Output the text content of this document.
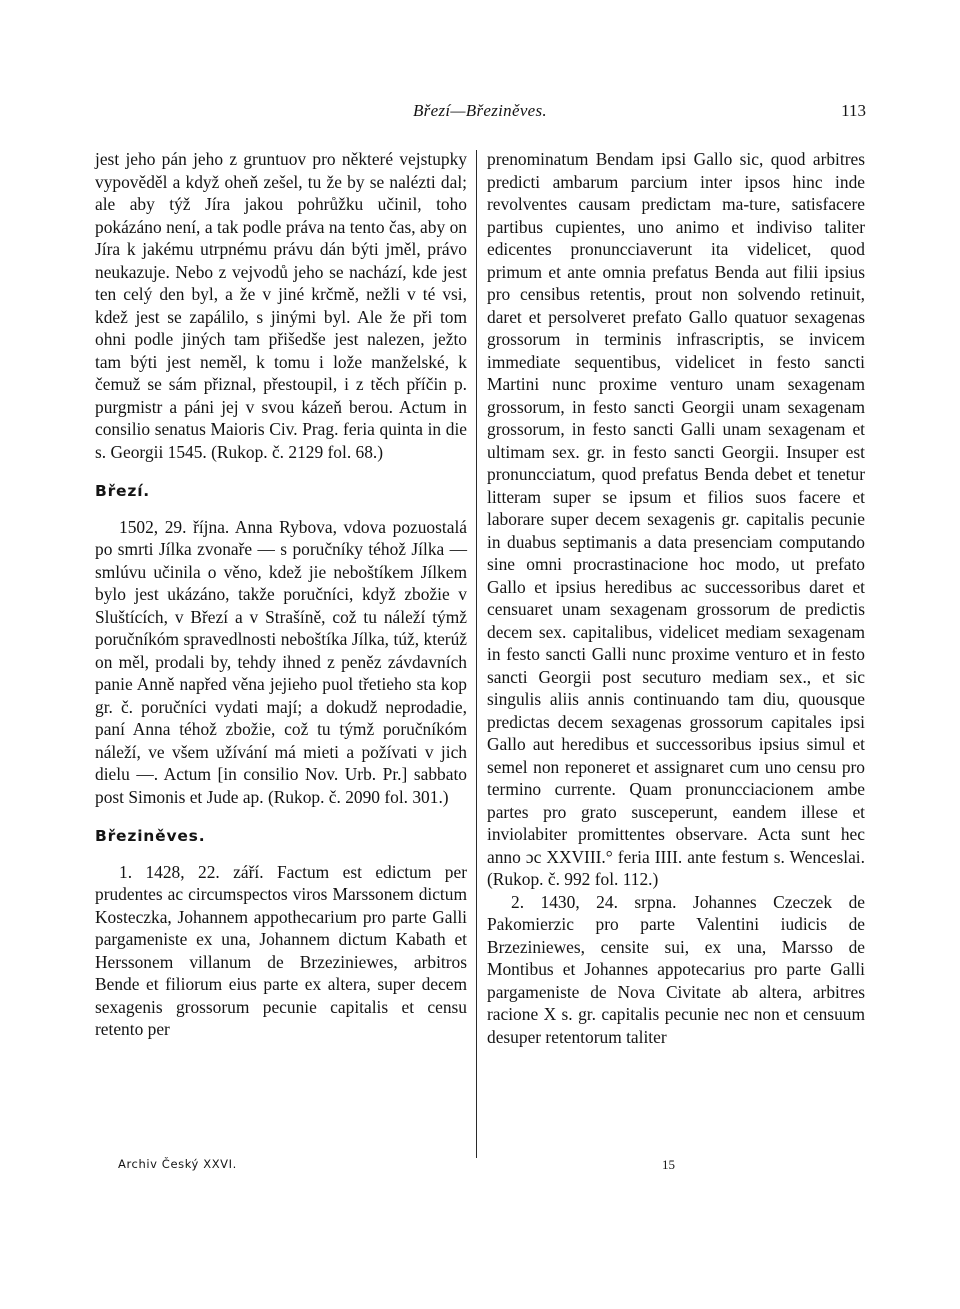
Březí—Březiněves.	113

jest jeho pán jeho z gruntuov pro některé vejstupky vypověděl a když oheň zešel, tu že by se nalézti dal; ale aby týž Jíra jakou pohrůžku učinil, toho pokázáno není, a tak podle práva na tento čas, aby on Jíra k jakému utrpnému právu dán býti jměl, právo neukazuje. Nebo z vejvodů jeho se nachází, kde jest ten celý den byl, a že v jiné krčmě, nežli v té vsi, kdež jest se zapálilo, s jinými byl. Ale že při tom ohni podle jiných tam přišedše jest nalezen, ježto tam býti jest neměl, k tomu i lože manželské, k čemuž se sám přiznal, přestoupil, i z těch příčin p. purgmistr a páni jej v svou kázeň berou. Actum in consilio senatus Maioris Civ. Prag. feria quinta in die s. Georgii 1545. (Rukop. č. 2129 fol. 68.)

Březí.

1502, 29. října. Anna Rybova, vdova pozuostalá po smrti Jílka zvonaře — s poručníky téhož Jílka — smlúvu učinila o věno, kdež jie neboštíkem Jílkem bylo jest ukázáno, takže poručníci, když zbožie v Sluštících, v Březí a v Strašíně, což tu náleží týmž poručníkóm spravedlnosti neboštíka Jílka, túž, kterúž on měl, prodali by, tehdy ihned z peněz závdavních panie Anně napřed věna jejieho puol třetieho sta kop gr. č. poručníci vydati mají; a dokudž neprodadie, paní Anna téhož zbožie, což tu týmž poručníkóm náleží, ve všem užívání má mieti a požívati v jich dielu —. Actum [in consilio Nov. Urb. Pr.] sabbato post Simonis et Jude ap. (Rukop. č. 2090 fol. 301.)

Březiněves.

1. 1428, 22. září. Factum est edictum per prudentes ac circumspectos viros Marssonem dictum Kosteczka, Johannem appothecarium pro parte Galli pargameniste ex una, Johannem dictum Kabath et Herssonem villanum de Brzeziniewes, arbitros Bende et filiorum eius parte ex altera, super decem sexagenis grossorum pecunie capitalis et censu retento per

prenominatum Bendam ipsi Gallo sic, quod arbitres predicti ambarum parcium inter ipsos hinc inde revolventes causam predictam ma-ture, satisfacere partibus cupientes, uno animo et indiviso taliter edicentes pronuncciaverunt ita videlicet, quod primum et ante omnia prefatus Benda aut filii ipsius pro censibus retentis, prout non solvendo retinuit, daret et persolveret prefato Gallo quatuor sexagenas grossorum in terminis infrascriptis, se invicem immediate sequentibus, videlicet in festo sancti Martini nunc proxime venturo unam sexagenam grossorum, in festo sancti Georgii unam sexagenam grossorum, in festo sancti Galli unam sexagenam et ultimam sex. gr. in festo sancti Georgii. Insuper est pronuncciatum, quod prefatus Benda debet et tenetur litteram super se ipsum et filios suos facere et laborare super decem sexagenis gr. capitalis pecunie in duabus septimanis a data presenciam computando sine omni procrastinacione hoc modo, ut prefato Gallo et ipsius heredibus ac successoribus daret et censuaret unam sexagenam grossorum de predictis decem sex. capitalibus, videlicet mediam sexagenam in festo sancti Galli nunc proxime venturo et in festo sancti Georgii post secuturo mediam sex., et sic singulis aliis annis continuando tam diu, quousque predictas decem sexagenas grossorum capitales ipsi Gallo aut heredibus et successoribus ipsius simul et semel non reponeret et assignaret cum uno censu pro termino currente. Quam pronuncciacionem ambe partes pro grato susceperunt, eandem illese et inviolabiter promittentes observare. Acta sunt hec anno ɔc XXVIII.° feria IIII. ante festum s. Wenceslai. (Rukop. č. 992 fol. 112.)

2. 1430, 24. srpna. Johannes Czeczek de Pakomierzic pro parte Valentini iudicis de Brzeziniewes, censite sui, ex una, Marsso de Montibus et Johannes appotecarius pro parte Galli pargameniste de Nova Civitate ab altera, arbitres racione X s. gr. capitalis pecunie nec non et censuum desuper retentorum taliter

Archiv Český XXVI.	15
